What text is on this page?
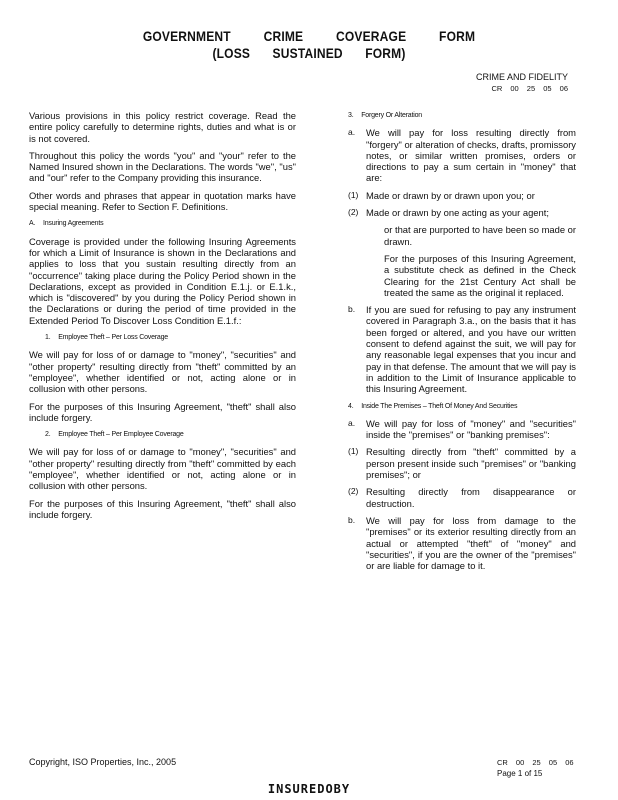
GOVERNMENT CRIME COVERAGE FORM
(LOSS SUSTAINED FORM)
CRIME AND FIDELITY
CR 00 25 05 06

Various provisions in this policy restrict coverage. Read the entire policy carefully to determine rights, duties and what is or is not covered.

Throughout this policy the words "you" and "your" refer to the Named Insured shown in the Declarations. The words "we", "us" and "our" refer to the Company providing this insurance.

Other words and phrases that appear in quotation marks have special meaning. Refer to Section F. Definitions.

A. Insuring Agreements

Coverage is provided under the following Insuring Agreements for which a Limit of Insurance is shown in the Declarations and applies to loss that you sustain resulting directly from an "occurrence" taking place during the Policy Period shown in the Declarations, except as provided in Condition E.1.j. or E.1.k., which is "discovered" by you during the Policy Period shown in the Declarations or during the period of time provided in the Extended Period To Discover Loss Condition E.1.f.:

1. Employee Theft – Per Loss Coverage

We will pay for loss of or damage to "money", "securities" and "other property" resulting directly from "theft" committed by an "employee", whether identified or not, acting alone or in collusion with other persons.

For the purposes of this Insuring Agreement, "theft" shall also include forgery.

2. Employee Theft – Per Employee Coverage

We will pay for loss of or damage to "money", "securities" and "other property" resulting directly from "theft" committed by each "employee", whether identified or not, acting alone or in collusion with other persons.

For the purposes of this Insuring Agreement, "theft" shall also include forgery.

3. Forgery Or Alteration
a.	We will pay for loss resulting directly from "forgery" or alteration of checks, drafts, promissory notes, or similar written promises, orders or directions to pay a sum certain in "money" that are:
(1) Made or drawn by or drawn upon you; or
(2) Made or drawn by one acting as your agent;

or that are purported to have been so made or drawn.

For the purposes of this Insuring Agreement, a substitute check as defined in the Check Clearing for the 21st Century Act shall be treated the same as the original it replaced.

b.	If you are sued for refusing to pay any instrument covered in Paragraph 3.a., on the basis that it has been forged or altered, and you have our written consent to defend against the suit, we will pay for any reasonable legal expenses that you incur and pay in that defense. The amount that we will pay is in addition to the Limit of Insurance applicable to this Insuring Agreement.
4. Inside The Premises – Theft Of Money And Securities
a.	We will pay for loss of "money" and "securities" inside the "premises" or "banking premises":
(1) Resulting directly from "theft" committed by a person present inside such "premises" or "banking premises"; or
(2) Resulting directly from disappearance or destruction.
b.	We will pay for loss from damage to the "premises" or its exterior resulting directly from an actual or attempted "theft" of "money" and "securities", if you are the owner of the "premises" or are liable for damage to it.
Copyright, ISO Properties, Inc., 2005	CR 00 25 05 06
Page 1 of 15
INSUREDOBY
